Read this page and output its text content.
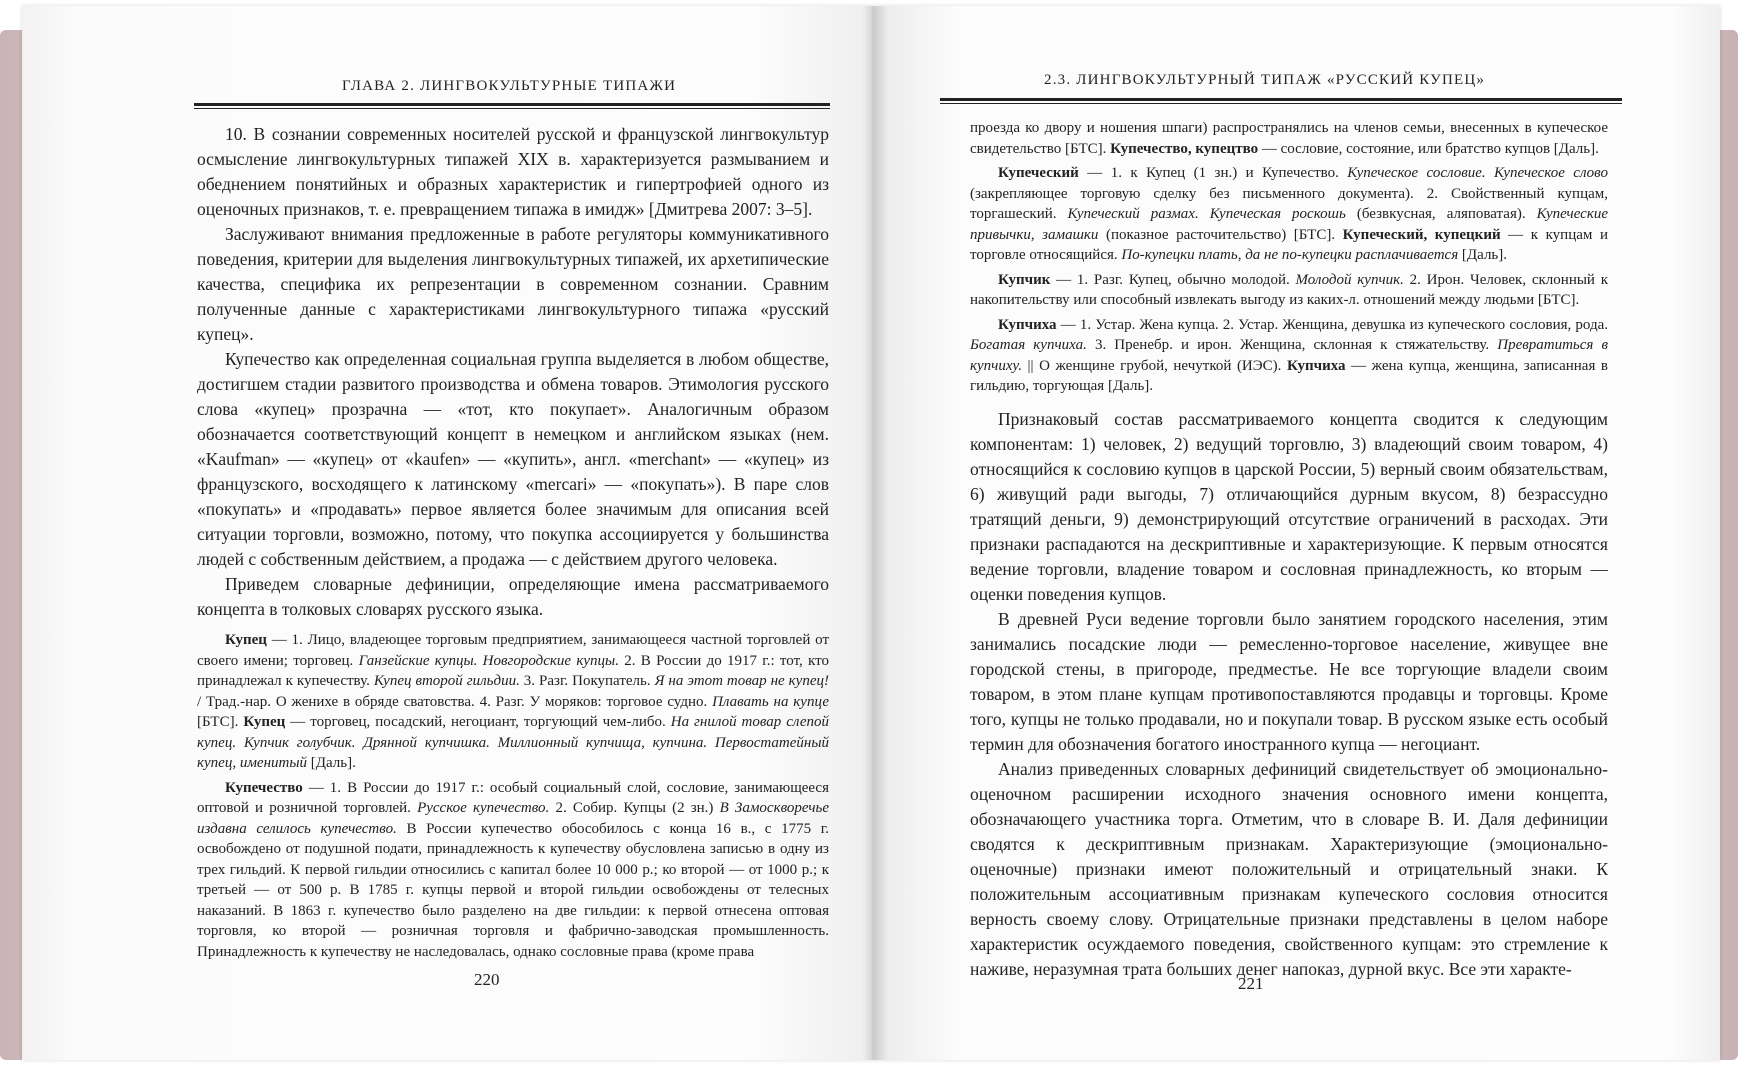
ГЛАВА 2. ЛИНГВОКУЛЬТУРНЫЕ ТИПАЖИ

10. В сознании современных носителей русской и французской лингвокультур осмысление лингвокультурных типажей XIX в. характеризуется размыванием и обеднением понятийных и образных характеристик и гипертрофией одного из оценочных признаков, т. е. превращением типажа в имидж» [Дмитрева 2007: 3–5].

Заслуживают внимания предложенные в работе регуляторы коммуникативного поведения, критерии для выделения лингвокультурных типажей, их архетипические качества, специфика их репрезентации в современном сознании. Сравним полученные данные с характеристиками лингвокультурного типажа «русский купец».

Купечество как определенная социальная группа выделяется в любом обществе, достигшем стадии развитого производства и обмена товаров. Этимология русского слова «купец» прозрачна — «тот, кто покупает». Аналогичным образом обозначается соответствующий концепт в немецком и английском языках (нем. «Kaufman» — «купец» от «kaufen» — «купить», англ. «merchant» — «купец» из французского, восходящего к латинскому «mercari» — «покупать»). В паре слов «покупать» и «продавать» первое является более значимым для описания всей ситуации торговли, возможно, потому, что покупка ассоциируется у большинства людей с собственным действием, а продажа — с действием другого человека.

Приведем словарные дефиниции, определяющие имена рассматриваемого концепта в толковых словарях русского языка.

Купец — 1. Лицо, владеющее торговым предприятием, занимающееся частной торговлей от своего имени; торговец. Ганзейские купцы. Новгородские купцы. 2. В России до 1917 г.: тот, кто принадлежал к купечеству. Купец второй гильдии. 3. Разг. Покупатель. Я на этот товар не купец! / Трад.-нар. О женихе в обряде сватовства. 4. Разг. У моряков: торговое судно. Плавать на купце [БТС]. Купец — торговец, посадский, негоциант, торгующий чем-либо. На гнилой товар слепой купец. Купчик голубчик. Дрянной купчишка. Миллионный купчища, купчина. Первостатейный купец, именитый [Даль].

Купечество — 1. В России до 1917 г.: особый социальный слой, сословие, занимающееся оптовой и розничной торговлей. Русское купечество. 2. Собир. Купцы (2 зн.) В Замоскворечье издавна селилось купечество. В России купечество обособилось с конца 16 в., с 1775 г. освобождено от подушной подати, принадлежность к купечеству обусловлена записью в одну из трех гильдий. К первой гильдии относились с капитал более 10 000 р.; ко второй — от 1000 р.; к третьей — от 500 р. В 1785 г. купцы первой и второй гильдии освобождены от телесных наказаний. В 1863 г. купечество было разделено на две гильдии: к первой отнесена оптовая торговля, ко второй — розничная торговля и фабрично-заводская промышленность. Принадлежность к купечеству не наследовалась, однако сословные права (кроме права

220
2.3. ЛИНГВОКУЛЬТУРНЫЙ ТИПАЖ «РУССКИЙ КУПЕЦ»

проезда ко двору и ношения шпаги) распространялись на членов семьи, внесенных в купеческое свидетельство [БТС]. Купечество, купецтво — сословие, состояние, или братство купцов [Даль].

Купеческий — 1. к Купец (1 зн.) и Купечество. Купеческое сословие. Купеческое слово (закрепляющее торговую сделку без письменного документа). 2. Свойственный купцам, торгашеский. Купеческий размах. Купеческая роскошь (безвкусная, аляповатая). Купеческие привычки, замашки (показное расточительство) [БТС]. Купеческий, купецкий — к купцам и торговле относящийся. По-купецки плать, да не по-купецки расплачивается [Даль].

Купчик — 1. Разг. Купец, обычно молодой. Молодой купчик. 2. Ирон. Человек, склонный к накопительству или способный извлекать выгоду из каких-л. отношений между людьми [БТС].

Купчиха — 1. Устар. Жена купца. 2. Устар. Женщина, девушка из купеческого сословия, рода. Богатая купчиха. 3. Пренебр. и ирон. Женщина, склонная к стяжательству. Превратиться в купчиху. || О женщине грубой, нечуткой (ИЭС). Купчиха — жена купца, женщина, записанная в гильдию, торгующая [Даль].

Признаковый состав рассматриваемого концепта сводится к следующим компонентам: 1) человек, 2) ведущий торговлю, 3) владеющий своим товаром, 4) относящийся к сословию купцов в царской России, 5) верный своим обязательствам, 6) живущий ради выгоды, 7) отличающийся дурным вкусом, 8) безрассудно тратящий деньги, 9) демонстрирующий отсутствие ограничений в расходах. Эти признаки распадаются на дескриптивные и характеризующие. К первым относятся ведение торговли, владение товаром и сословная принадлежность, ко вторым — оценки поведения купцов.

В древней Руси ведение торговли было занятием городского населения, этим занимались посадские люди — ремесленно-торговое население, живущее вне городской стены, в пригороде, предместье. Не все торгующие владели своим товаром, в этом плане купцам противопоставляются продавцы и торговцы. Кроме того, купцы не только продавали, но и покупали товар. В русском языке есть особый термин для обозначения богатого иностранного купца — негоциант.

Анализ приведенных словарных дефиниций свидетельствует об эмоционально-оценочном расширении исходного значения основного имени концепта, обозначающего участника торга. Отметим, что в словаре В. И. Даля дефиниции сводятся к дескриптивным признакам. Характеризующие (эмоционально-оценочные) признаки имеют положительный и отрицательный знаки. К положительным ассоциативным признакам купеческого сословия относится верность своему слову. Отрицательные признаки представлены в целом наборе характеристик осуждаемого поведения, свойственного купцам: это стремление к наживе, неразумная трата больших денег напоказ, дурной вкус. Все эти характе-

221
